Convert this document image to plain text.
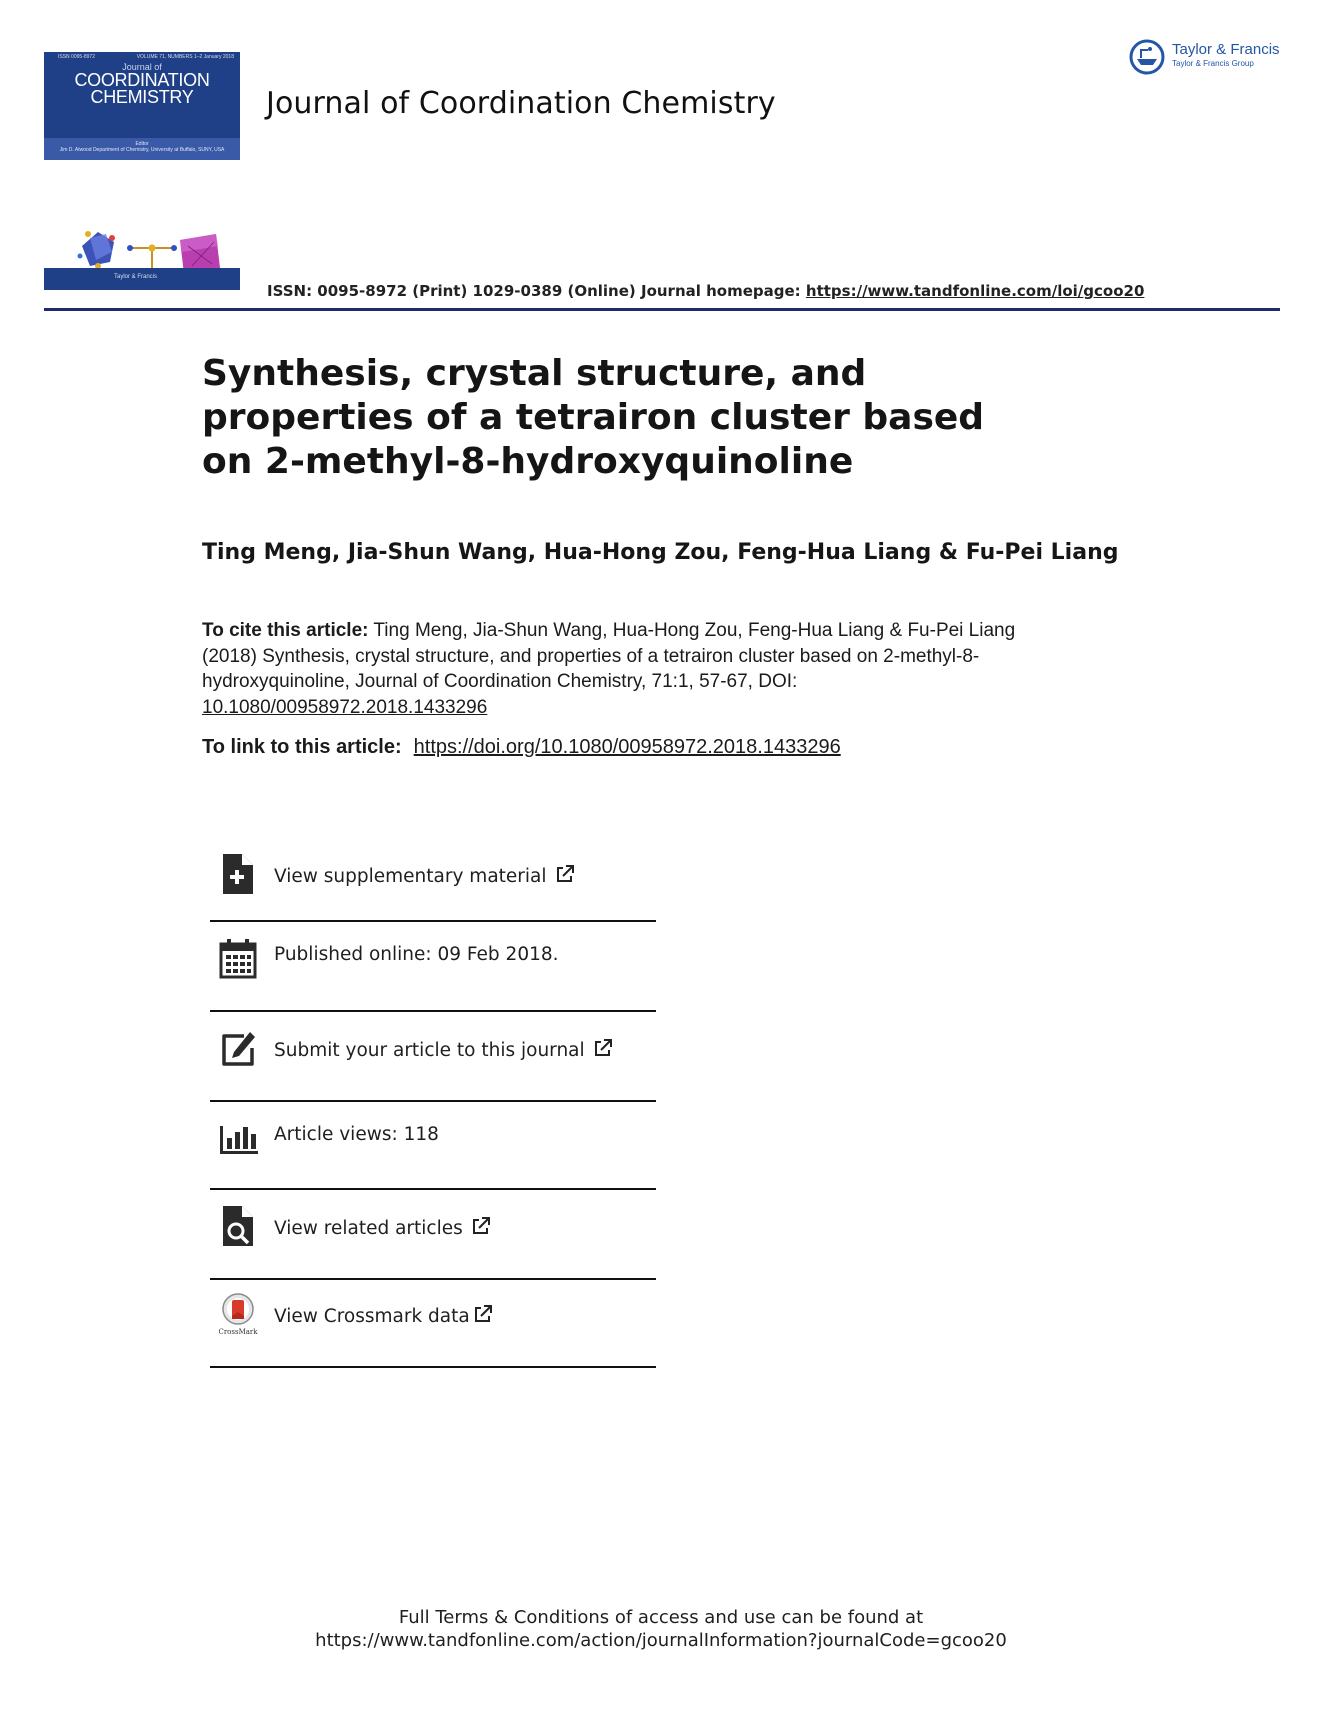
ISSN 0095-8972	VOLUME 71, NUMBERS 1–2 January 2018
Journal of
COORDINATION
CHEMISTRY
Editor
Jim D. Atwood Department of Chemistry, University at Buffalo, SUNY, USA
Taylor & Francis
Journal of Coordination Chemistry
Taylor & Francis
Taylor & Francis Group
ISSN: 0095-8972 (Print) 1029-0389 (Online) Journal homepage: https://www.tandfonline.com/loi/gcoo20
Synthesis, crystal structure, and properties of a tetrairon cluster based on 2-methyl-8-hydroxyquinoline
Ting Meng, Jia-Shun Wang, Hua-Hong Zou, Feng-Hua Liang & Fu-Pei Liang
To cite this article: Ting Meng, Jia-Shun Wang, Hua-Hong Zou, Feng-Hua Liang & Fu-Pei Liang (2018) Synthesis, crystal structure, and properties of a tetrairon cluster based on 2-methyl-8-hydroxyquinoline, Journal of Coordination Chemistry, 71:1, 57-67, DOI:
10.1080/00958972.2018.1433296
To link to this article: https://doi.org/10.1080/00958972.2018.1433296
View supplementary material
Published online: 09 Feb 2018.
Submit your article to this journal
Article views: 118
View related articles
CrossMark
View Crossmark data
Full Terms & Conditions of access and use can be found at
https://www.tandfonline.com/action/journalInformation?journalCode=gcoo20
